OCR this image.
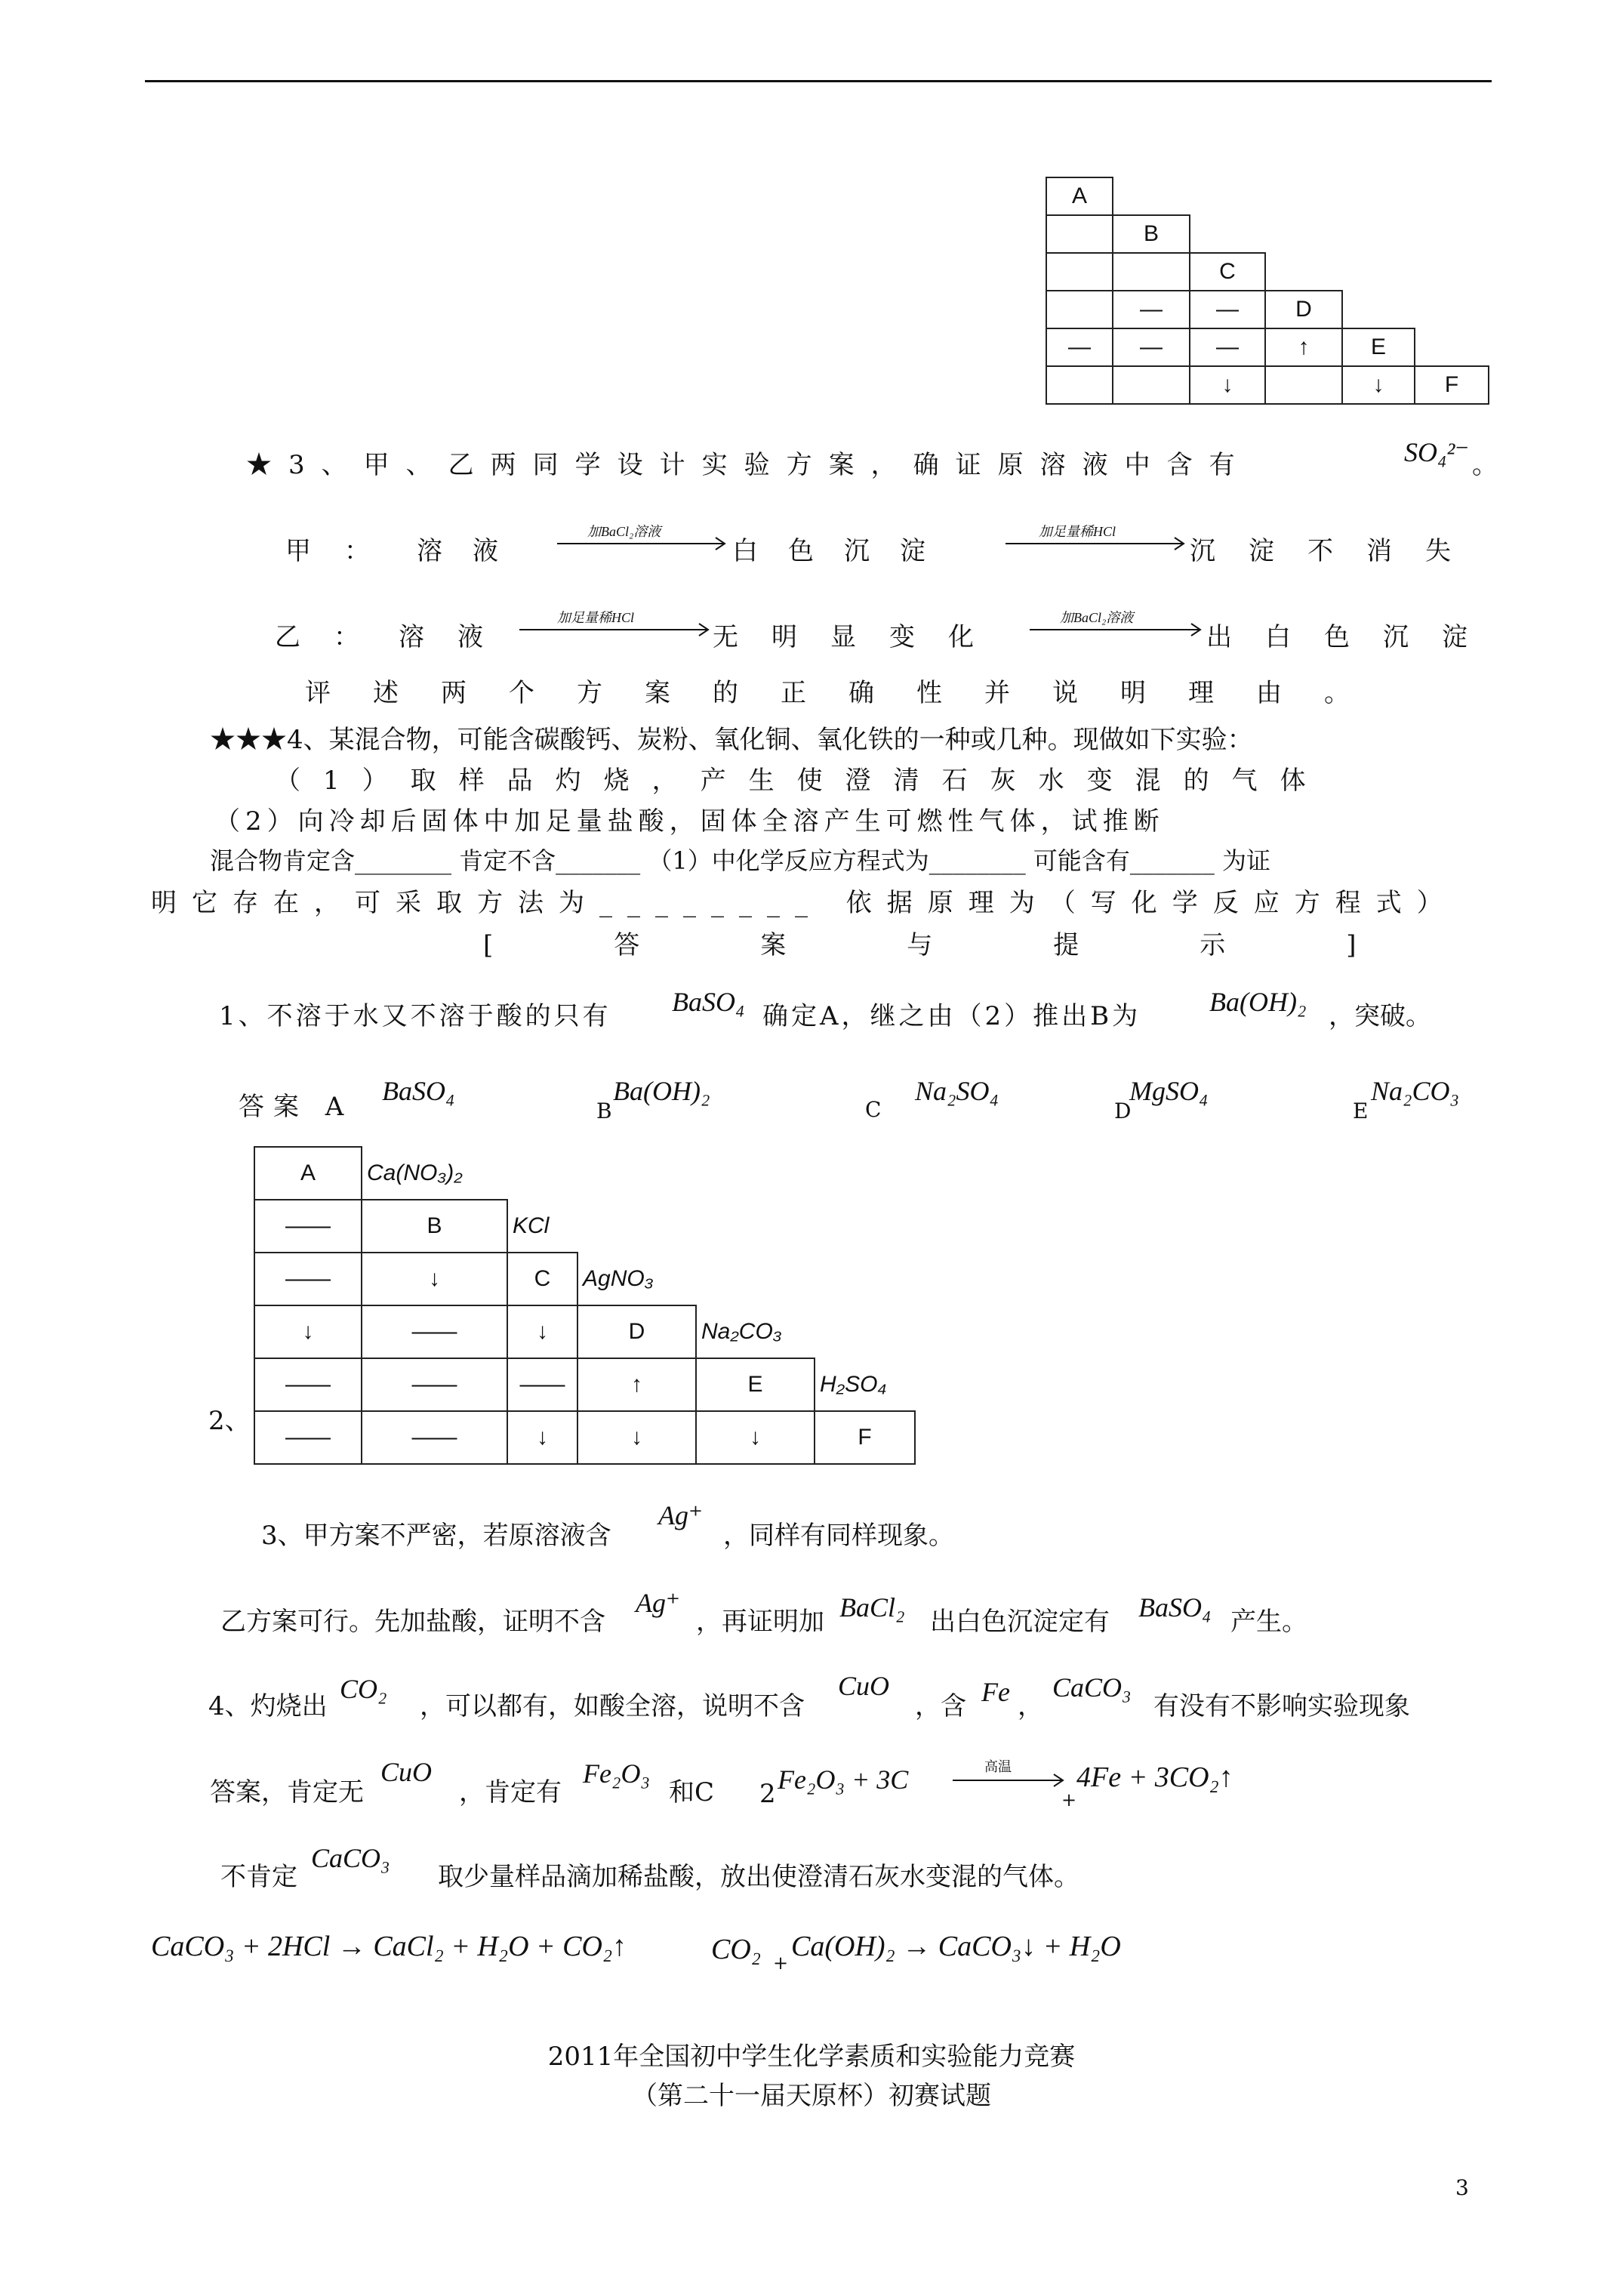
A					
	B				
		C			
	—	—	D		
—	—	—	↑	E	
		↓		↓	F
★3、甲、乙两同学设计实验方案，确证原溶液中含有	SO₄²⁻ 。
甲： 溶液
加BaCl₂溶液
白色沉淀
加足量稀HCl
沉淀不消失
乙： 溶液
加足量稀HCl
无明显变化
加BaCl₂溶液
出白色沉淀
评述两个方案的正确性并说明理由。
★★★4、某混合物，可能含碳酸钙、炭粉、氧化铜、氧化铁的一种或几种。现做如下实验：
（1）取样品灼烧，产生使澄清石灰水变混的气体
（2）向冷却后固体中加足量盐酸，固体全溶产生可燃性气体，试推断
混合物肯定含________ 肯定不含_______ （1）中化学反应方程式为________ 可能含有_______ 为证
明它存在，可采取方法为________ 依据原理为（写化学反应方程式）
[答案与提示]
1、不溶于水又不溶于酸的只有 BaSO₄ 确定A，继之由（2）推出B为	Ba(OH)₂ ，突破。
答案 A
BaSO₄
B
Ba(OH)₂
C
Na₂SO₄
D
MgSO₄
E
Na₂CO₃
2、
A	Ca(NO₃)₂				
——	B	KCl			
——	↓	C	AgNO₃		
↓	——	↓	D	Na₂CO₃	
——	——	——	↑	E	H₂SO₄
——	——	↓	↓	↓	F
3、甲方案不严密，若原溶液含
Ag⁺
，同样有同样现象。
乙方案可行。先加盐酸，证明不含
Ag⁺
，再证明加 BaCl₂ 出白色沉淀定有 BaSO₄ 产生。
4、灼烧出
CO₂
，可以都有，如酸全溶，说明不含
CuO
，含 Fe ，
CaCO₃
有没有不影响实验现象
答案，肯定无
CuO
，肯定有
Fe₂O₃
和C 2 Fe₂O₃ + 3C	高温
+
4Fe + 3CO₂↑
不肯定
CaCO₃
取少量样品滴加稀盐酸，放出使澄清石灰水变混的气体。
CaCO₃ + 2HCl → CaCl₂ + H₂O + CO₂↑	CO₂ +
Ca(OH)₂ → CaCO₃↓ + H₂O
2011年全国初中学生化学素质和实验能力竞赛
（第二十一届天原杯）初赛试题
3
